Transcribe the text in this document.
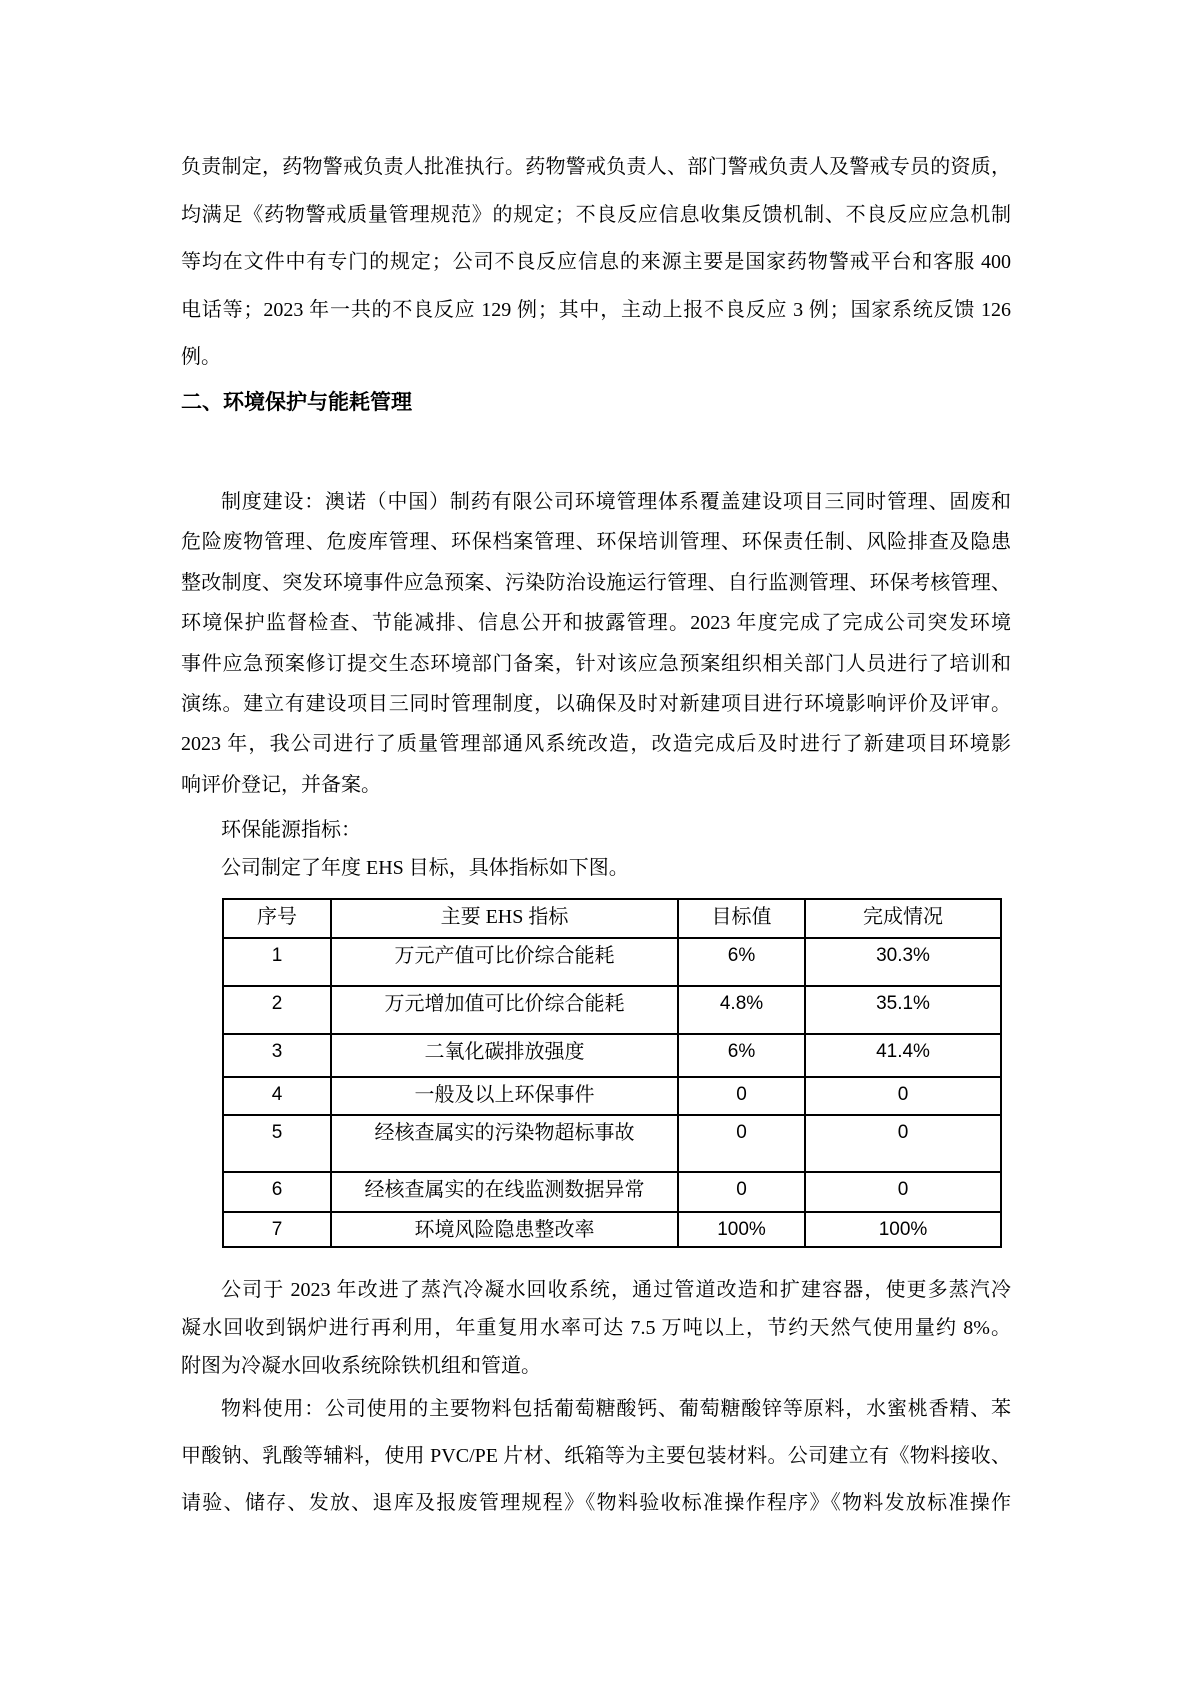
负责制定，药物警戒负责人批准执行。药物警戒负责人、部门警戒负责人及警戒专员的资质，
均满足《药物警戒质量管理规范》的规定；不良反应信息收集反馈机制、不良反应应急机制
等均在文件中有专门的规定；公司不良反应信息的来源主要是国家药物警戒平台和客服 400
电话等；2023 年一共的不良反应 129 例；其中，主动上报不良反应 3 例；国家系统反馈 126
例。
二、环境保护与能耗管理
制度建设：澳诺（中国）制药有限公司环境管理体系覆盖建设项目三同时管理、固废和
危险废物管理、危废库管理、环保档案管理、环保培训管理、环保责任制、风险排查及隐患
整改制度、突发环境事件应急预案、污染防治设施运行管理、自行监测管理、环保考核管理、
环境保护监督检查、节能减排、信息公开和披露管理。2023 年度完成了完成公司突发环境
事件应急预案修订提交生态环境部门备案，针对该应急预案组织相关部门人员进行了培训和
演练。建立有建设项目三同时管理制度，以确保及时对新建项目进行环境影响评价及评审。
2023 年，我公司进行了质量管理部通风系统改造，改造完成后及时进行了新建项目环境影
响评价登记，并备案。
环保能源指标：
公司制定了年度 EHS 目标，具体指标如下图。
序号	主要 EHS 指标	目标值	完成情况
1	万元产值可比价综合能耗	6%	30.3%
2	万元增加值可比价综合能耗	4.8%	35.1%
3	二氧化碳排放强度	6%	41.4%
4	一般及以上环保事件	0	0
5	经核查属实的污染物超标事故	0	0
6	经核查属实的在线监测数据异常	0	0
7	环境风险隐患整改率	100%	100%
公司于 2023 年改进了蒸汽冷凝水回收系统，通过管道改造和扩建容器，使更多蒸汽冷
凝水回收到锅炉进行再利用，年重复用水率可达 7.5 万吨以上，节约天然气使用量约 8%。
附图为冷凝水回收系统除铁机组和管道。
物料使用：公司使用的主要物料包括葡萄糖酸钙、葡萄糖酸锌等原料，水蜜桃香精、苯
甲酸钠、乳酸等辅料，使用 PVC/PE 片材、纸箱等为主要包装材料。公司建立有《物料接收、
请验、储存、发放、退库及报废管理规程》《物料验收标准操作程序》《物料发放标准操作
